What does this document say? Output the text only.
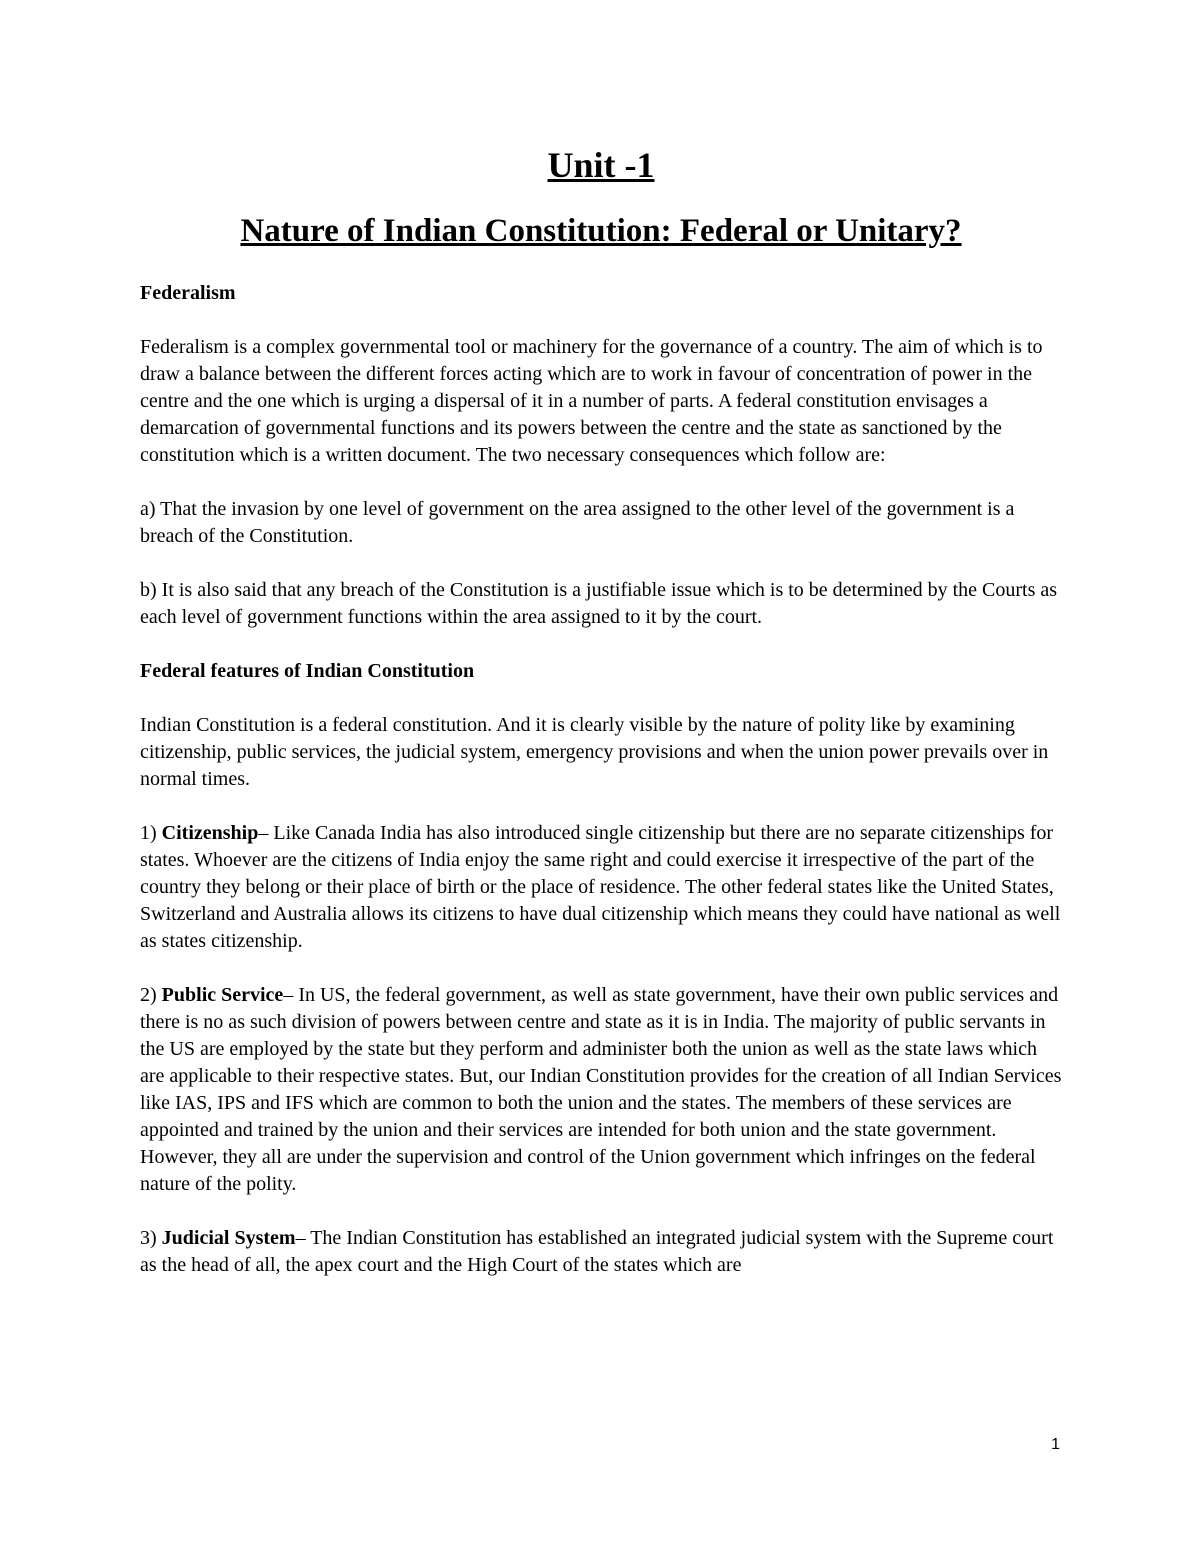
Unit -1
Nature of Indian Constitution: Federal or Unitary?

Federalism

Federalism is a complex governmental tool or machinery for the governance of a country. The aim of which is to draw a balance between the different forces acting which are to work in favour of concentration of power in the centre and the one which is urging a dispersal of it in a number of parts. A federal constitution envisages a demarcation of governmental functions and its powers between the centre and the state as sanctioned by the constitution which is a written document. The two necessary consequences which follow are:

a) That the invasion by one level of government on the area assigned to the other level of the government is a breach of the Constitution.

b) It is also said that any breach of the Constitution is a justifiable issue which is to be determined by the Courts as each level of government functions within the area assigned to it by the court.

Federal features of Indian Constitution

Indian Constitution is a federal constitution. And it is clearly visible by the nature of polity like by examining citizenship, public services, the judicial system, emergency provisions and when the union power prevails over in normal times.

1) Citizenship– Like Canada India has also introduced single citizenship but there are no separate citizenships for states. Whoever are the citizens of India enjoy the same right and could exercise it irrespective of the part of the country they belong or their place of birth or the place of residence. The other federal states like the United States, Switzerland and Australia allows its citizens to have dual citizenship which means they could have national as well as states citizenship.

2) Public Service– In US, the federal government, as well as state government, have their own public services and there is no as such division of powers between centre and state as it is in India. The majority of public servants in the US are employed by the state but they perform and administer both the union as well as the state laws which are applicable to their respective states. But, our Indian Constitution provides for the creation of all Indian Services like IAS, IPS and IFS which are common to both the union and the states. The members of these services are appointed and trained by the union and their services are intended for both union and the state government. However, they all are under the supervision and control of the Union government which infringes on the federal nature of the polity.

3) Judicial System– The Indian Constitution has established an integrated judicial system with the Supreme court as the head of all, the apex court and the High Court of the states which are

1
